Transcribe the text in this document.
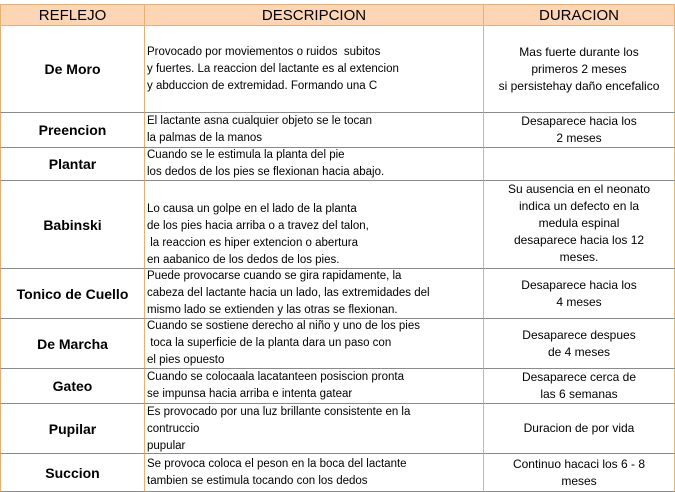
REFLEJO	DESCRIPCION	DURACION
De Moro
Provocado por moviementos o ruidos  subitos
y fuertes. La reaccion del lactante es al extencion
y abduccion de extremidad. Formando una C
Mas fuerte durante los
primeros 2 meses
si persistehay daño encefalico
Preencion
El lactante asna cualquier objeto se le tocan
la palmas de la manos
Desaparece hacia los
2 meses
Plantar
Cuando se le estimula la planta del pie
los dedos de los pies se flexionan hacia abajo.
Babinski
Lo causa un golpe en el lado de la planta
de los pies hacia arriba o a travez del talon,
la reaccion es hiper extencion o abertura
en aabanico de los dedos de los pies.
Su ausencia en el neonato
indica un defecto en la
medula espinal
desaparece hacia los 12
meses.
Tonico de Cuello
Puede provocarse cuando se gira rapidamente, la
cabeza del lactante hacia un lado, las extremidades del
mismo lado se extienden y las otras se flexionan.
Desaparece hacia los
4 meses
De Marcha
Cuando se sostiene derecho al niño y uno de los pies
toca la superficie de la planta dara un paso con
el pies opuesto
Desaparece despues
de 4 meses
Gateo
Cuando se colocaala lacatanteen posiscion pronta
se impunsa hacia arriba e intenta gatear
Desaparece cerca de
las 6 semanas
Pupilar
Es provocado por una luz brillante consistente en la
contruccio
pupular
Duracion de por vida
Succion
Se provoca coloca el peson en la boca del lactante
tambien se estimula tocando con los dedos
Continuo hacaci los 6 - 8
meses
